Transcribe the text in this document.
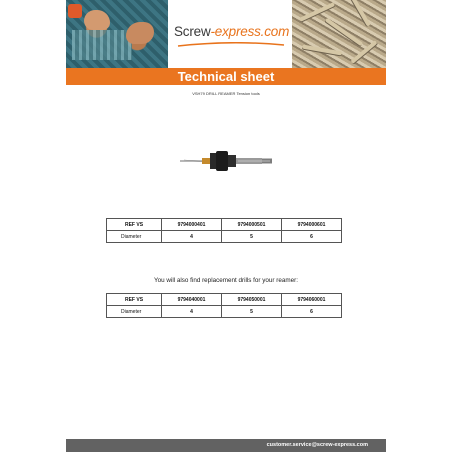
Screw-express.com
Technical sheet
VSH79 DRILL REAMER Tension tools
REF VS	9794000401	9794000501	9794000601
Diameter	4	5	6
You will also find replacement drills for your reamer:
REF VS	9794040001	9794050001	9794060001
Diameter	4	5	6
customer.service@screw-express.com
